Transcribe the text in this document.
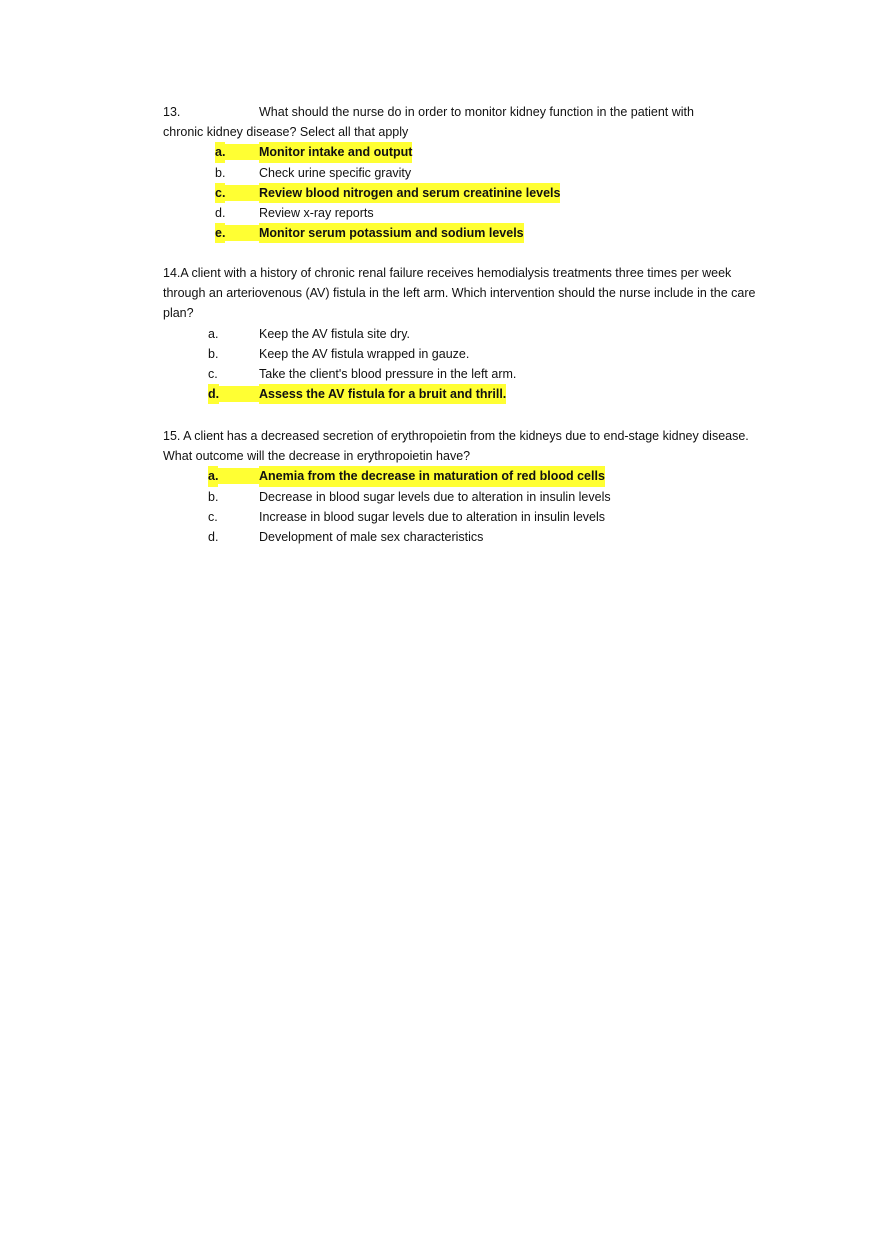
13.	What should the nurse do in order to monitor kidney function in the patient with
chronic kidney disease? Select all that apply

a.	Monitor intake and output
b.	Check urine specific gravity
c.	Review blood nitrogen and serum creatinine levels
d.	Review x-ray reports
e.	Monitor serum potassium and sodium levels

14.A client with a history of chronic renal failure receives hemodialysis treatments three times per week through an arteriovenous (AV) fistula in the left arm. Which intervention should the nurse include in the care plan?

a.	Keep the AV fistula site dry.
b.	Keep the AV fistula wrapped in gauze.
c.	Take the client's blood pressure in the left arm.
d.	Assess the AV fistula for a bruit and thrill.

15. A client has a decreased secretion of erythropoietin from the kidneys due to end-stage kidney disease. What outcome will the decrease in erythropoietin have?

a.	Anemia from the decrease in maturation of red blood cells
b.	Decrease in blood sugar levels due to alteration in insulin levels
c.	Increase in blood sugar levels due to alteration in insulin levels
d.	Development of male sex characteristics
